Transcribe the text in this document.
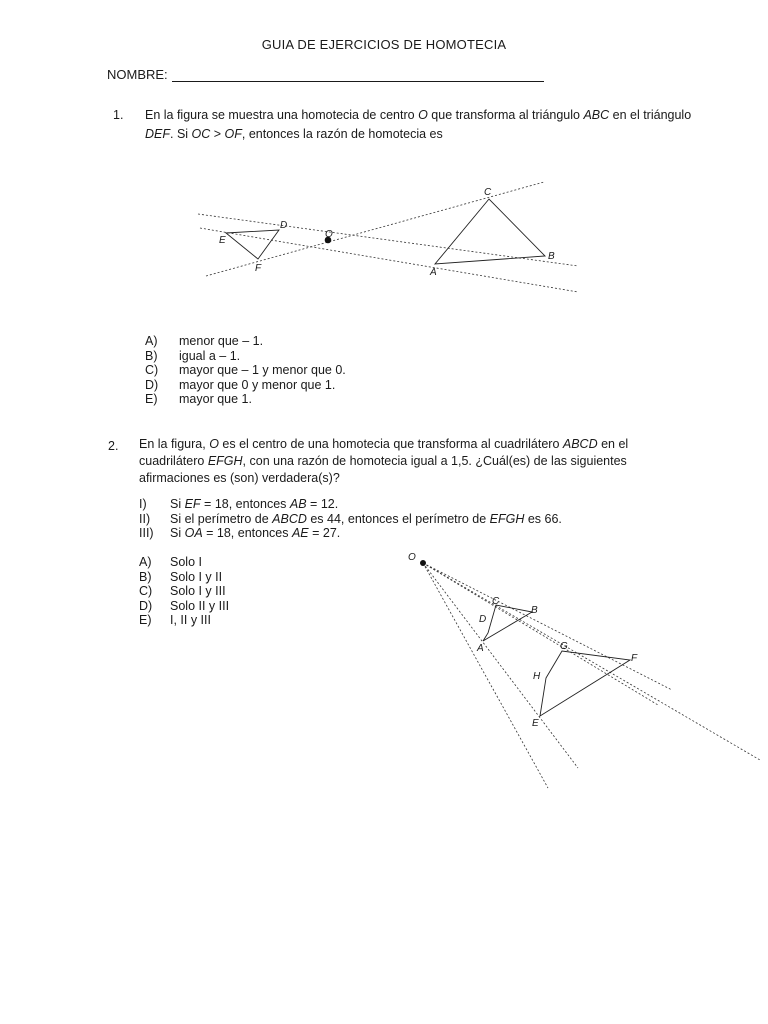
GUIA DE EJERCICIOS DE HOMOTECIA
NOMBRE:
1. En la figura se muestra una homotecia de centro O que transforma al triángulo ABC en el triángulo
DEF. Si OC > OF, entonces la razón de homotecia es
C
D
E
O
B
F	A
A) menor que – 1.
B) igual a – 1.
C) mayor que – 1 y menor que 0.
D) mayor que 0 y menor que 1.
E) mayor que 1.
2. En la figura, O es el centro de una homotecia que transforma al cuadrilátero ABCD en el cuadrilátero EFGH, con una razón de homotecia igual a 1,5. ¿Cuál(es) de las siguientes afirmaciones es (son) verdadera(s)?
I) Si EF = 18, entonces AB = 12.
II) Si el perímetro de ABCD es 44, entonces el perímetro de EFGH es 66.
III) Si OA = 18, entonces AE = 27.
A) Solo I
B) Solo I y II
C) Solo I y III
D) Solo II y III
E) I, II y III
O
C
B
D
A	G
F
H
E
